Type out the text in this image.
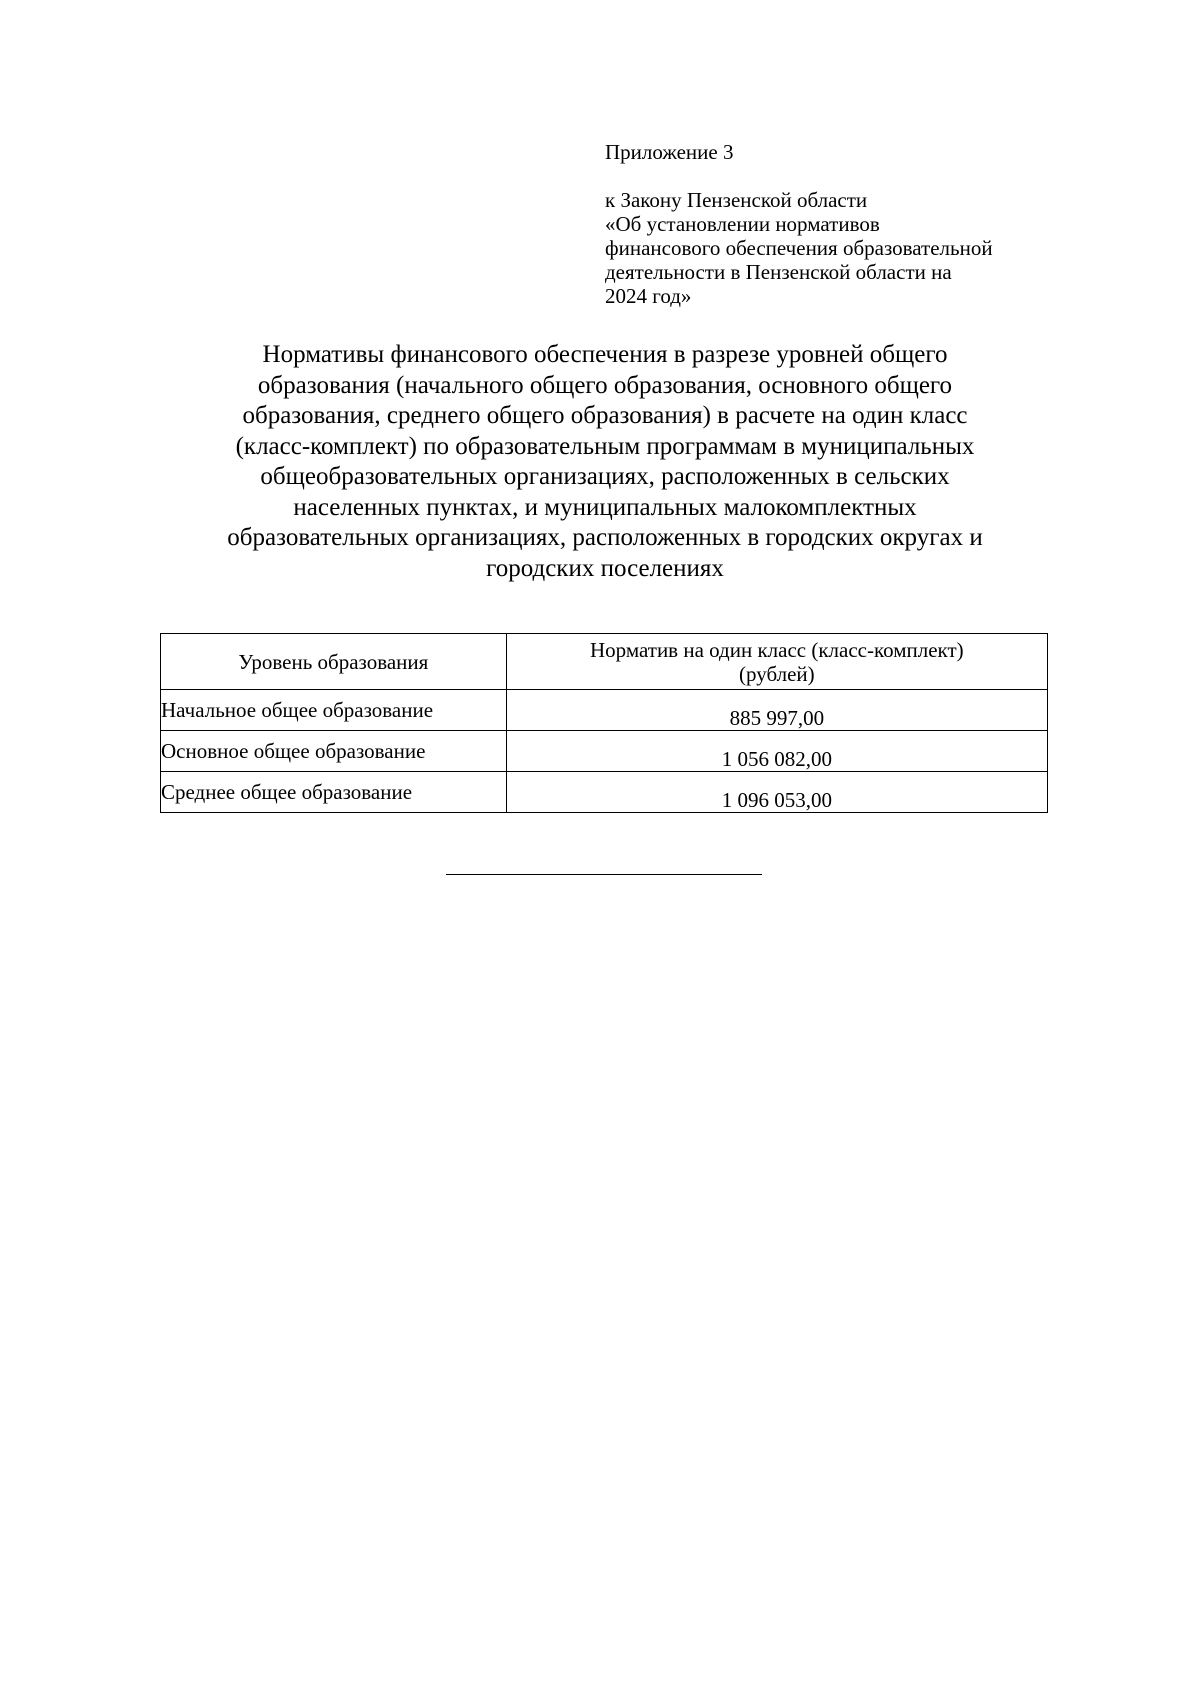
Приложение 3
к Закону Пензенской области
«Об установлении нормативов
финансового обеспечения образовательной
деятельности в Пензенской области на
2024 год»
Нормативы финансового обеспечения в разрезе уровней общего
образования (начального общего образования, основного общего
образования, среднего общего образования) в расчете на один класс
(класс-комплект) по образовательным программам в муниципальных
общеобразовательных организациях, расположенных в сельских
населенных пунктах, и муниципальных малокомплектных
образовательных организациях, расположенных в городских округах и
городских поселениях
Уровень образования	Норматив на один класс (класс-комплект)
(рублей)

Начальное общее образование	885 997,00
Основное общее образование	1 056 082,00
Среднее общее образование	1 096 053,00
